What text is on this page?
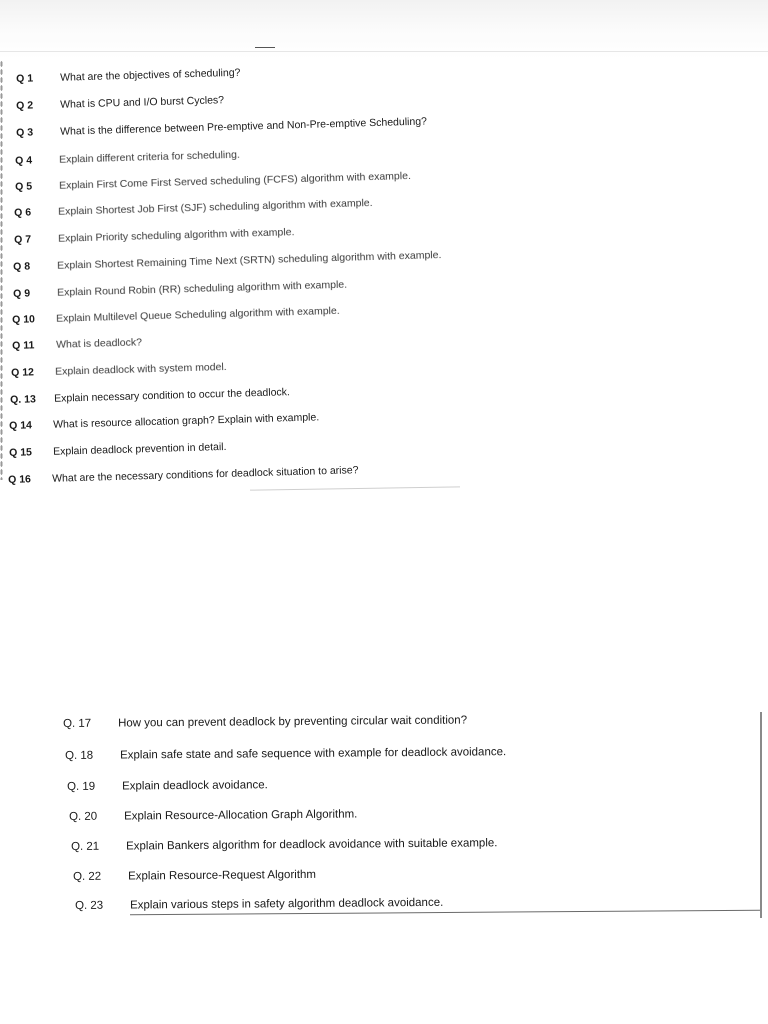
Q 1	What are the objectives of scheduling?
Q 2	What is CPU and I/O burst Cycles?
Q 3	What is the difference between Pre-emptive and Non-Pre-emptive Scheduling?
Q 4	Explain different criteria for scheduling.
Q 5	Explain First Come First Served scheduling (FCFS) algorithm with example.
Q 6	Explain Shortest Job First (SJF) scheduling algorithm with example.
Q 7	Explain Priority scheduling algorithm with example.
Q 8	Explain Shortest Remaining Time Next (SRTN) scheduling algorithm with example.
Q 9	Explain Round Robin (RR) scheduling algorithm with example.
Q 10 Explain Multilevel Queue Scheduling algorithm with example.
Q 11 What is deadlock?
Q 12 Explain deadlock with system model.
Q. 13 Explain necessary condition to occur the deadlock.
Q 14 What is resource allocation graph? Explain with example.
Q 15 Explain deadlock prevention in detail.
Q 16 What are the necessary conditions for deadlock situation to arise?
Q. 17 How you can prevent deadlock by preventing circular wait condition?
Q. 18 Explain safe state and safe sequence with example for deadlock avoidance.
Q. 19 Explain deadlock avoidance.
Q. 20 Explain Resource-Allocation Graph Algorithm.
Q. 21 Explain Bankers algorithm for deadlock avoidance with suitable example.
Q. 22 Explain Resource-Request Algorithm
Q. 23 Explain various steps in safety algorithm deadlock avoidance.
